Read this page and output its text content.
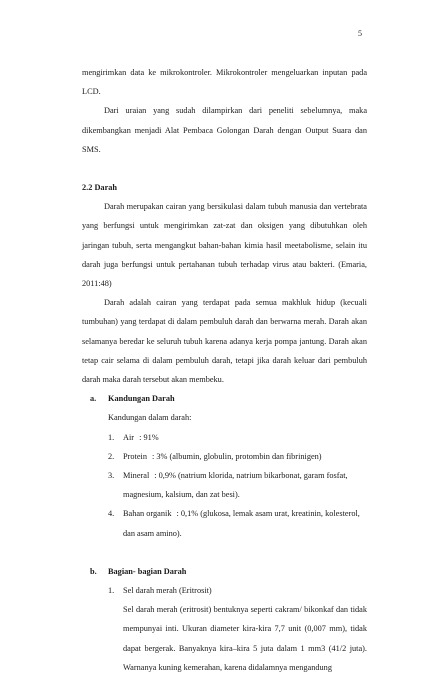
5

mengirimkan data ke mikrokontroler. Mikrokontroler mengeluarkan inputan pada LCD.

Dari uraian yang sudah dilampirkan dari peneliti sebelumnya, maka dikembangkan menjadi Alat Pembaca Golongan Darah dengan Output Suara dan SMS.

2.2 Darah

Darah merupakan cairan yang bersikulasi dalam tubuh manusia dan vertebrata yang berfungsi untuk mengirimkan zat-zat dan oksigen yang dibutuhkan oleh jaringan tubuh, serta mengangkut bahan-bahan kimia hasil meetabolisme, selain itu darah juga berfungsi untuk pertahanan tubuh terhadap virus atau bakteri. (Emaria, 2011:48)

Darah adalah cairan yang terdapat pada semua makhluk hidup (kecuali tumbuhan) yang terdapat di dalam pembuluh darah dan berwarna merah. Darah akan selamanya beredar ke seluruh tubuh karena adanya kerja pompa jantung. Darah akan tetap cair selama di dalam pembuluh darah, tetapi jika darah keluar dari pembuluh darah maka darah tersebut akan membeku.

a. Kandungan Darah

Kandungan dalam darah:

1.	Air : 91%
2.	Protein : 3% (albumin, globulin, protombin dan fibrinigen)
3.	Mineral : 0,9% (natrium klorida, natrium bikarbonat, garam fosfat, magnesium, kalsium, dan zat besi).
4.	Bahan organik : 0,1% (glukosa, lemak asam urat, kreatinin, kolesterol, dan asam amino).

b. Bagian- bagian Darah

1.	Sel darah merah (Eritrosit)

Sel darah merah (eritrosit) bentuknya seperti cakram/ bikonkaf dan tidak mempunyai inti. Ukuran diameter kira-kira 7,7 unit (0,007 mm), tidak dapat bergerak. Banyaknya kira–kira 5 juta dalam 1 mm3 (41/2 juta). Warnanya kuning kemerahan, karena didalamnya mengandung
